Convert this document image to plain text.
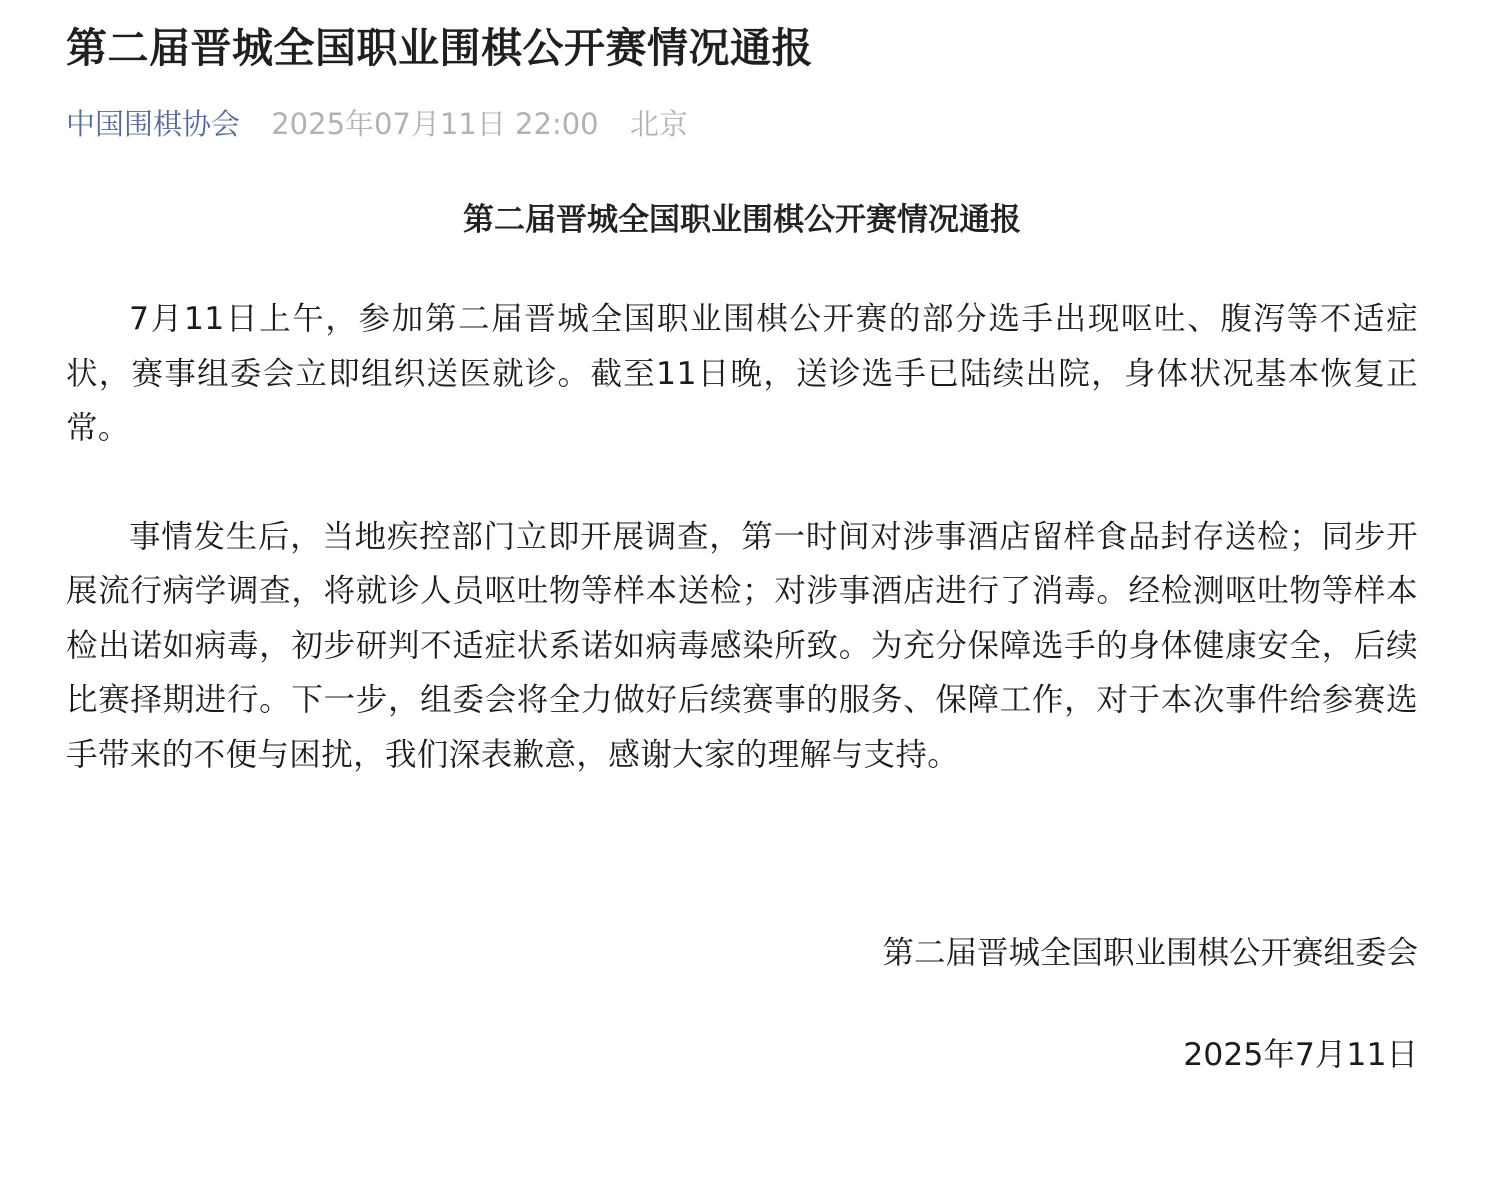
第二届晋城全国职业围棋公开赛情况通报
中国围棋协会 2025年07月11日 22:00 北京
第二届晋城全国职业围棋公开赛情况通报

7月11日上午，参加第二届晋城全国职业围棋公开赛的部分选手出现呕吐、腹泻等不适症状，赛事组委会立即组织送医就诊。截至11日晚，送诊选手已陆续出院，身体状况基本恢复正常。

事情发生后，当地疾控部门立即开展调查，第一时间对涉事酒店留样食品封存送检；同步开展流行病学调查，将就诊人员呕吐物等样本送检；对涉事酒店进行了消毒。经检测呕吐物等样本检出诺如病毒，初步研判不适症状系诺如病毒感染所致。为充分保障选手的身体健康安全，后续比赛择期进行。下一步，组委会将全力做好后续赛事的服务、保障工作，对于本次事件给参赛选手带来的不便与困扰，我们深表歉意，感谢大家的理解与支持。

第二届晋城全国职业围棋公开赛组委会
2025年7月11日
